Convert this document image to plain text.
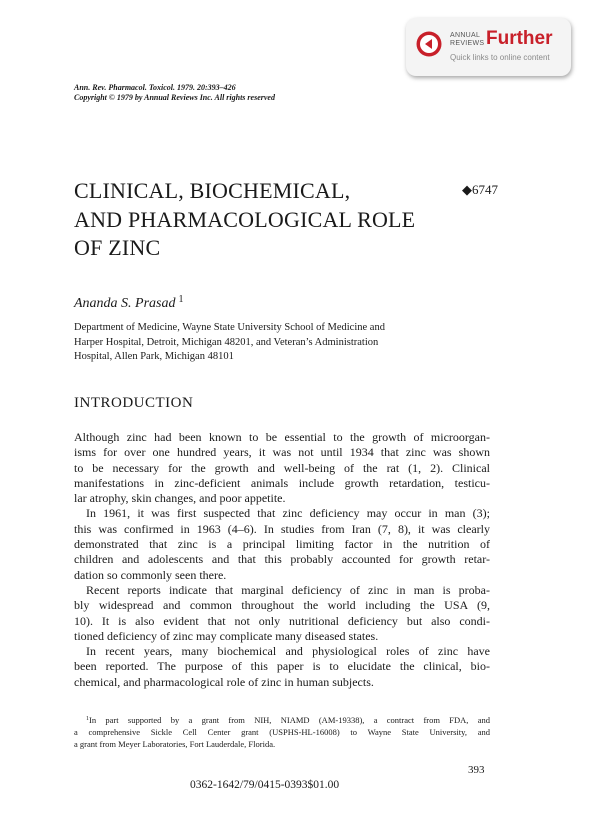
ANNUAL
REVIEWS Further
Quick links to online content
Ann. Rev. Pharmacol. Toxicol. 1979. 20:393–426
Copyright © 1979 by Annual Reviews Inc. All rights reserved
CLINICAL, BIOCHEMICAL,
AND PHARMACOLOGICAL ROLE
OF ZINC
◆6747
Ananda S. Prasad $^1$
Department of Medicine, Wayne State University School of Medicine and
Harper Hospital, Detroit, Michigan 48201, and Veteran’s Administration
Hospital, Allen Park, Michigan 48101
INTRODUCTION
Although zinc had been known to be essential to the growth of microorgan-
isms for over one hundred years, it was not until 1934 that zinc was shown
to be necessary for the growth and well-being of the rat (1, 2). Clinical
manifestations in zinc-deficient animals include growth retardation, testicu-
lar atrophy, skin changes, and poor appetite.
In 1961, it was first suspected that zinc deficiency may occur in man (3);
this was confirmed in 1963 (4–6). In studies from Iran (7, 8), it was clearly
demonstrated that zinc is a principal limiting factor in the nutrition of
children and adolescents and that this probably accounted for growth retar-
dation so commonly seen there.
Recent reports indicate that marginal deficiency of zinc in man is proba-
bly widespread and common throughout the world including the USA (9,
10). It is also evident that not only nutritional deficiency but also condi-
tioned deficiency of zinc may complicate many diseased states.
In recent years, many biochemical and physiological roles of zinc have
been reported. The purpose of this paper is to elucidate the clinical, bio-
chemical, and pharmacological role of zinc in human subjects.
$^1$In part supported by a grant from NIH, NIAMD (AM-19338), a contract from FDA, and
a comprehensive Sickle Cell Center grant (USPHS-HL-16008) to Wayne State University, and
a grant from Meyer Laboratories, Fort Lauderdale, Florida.
393
0362-1642/79/0415-0393$01.00
